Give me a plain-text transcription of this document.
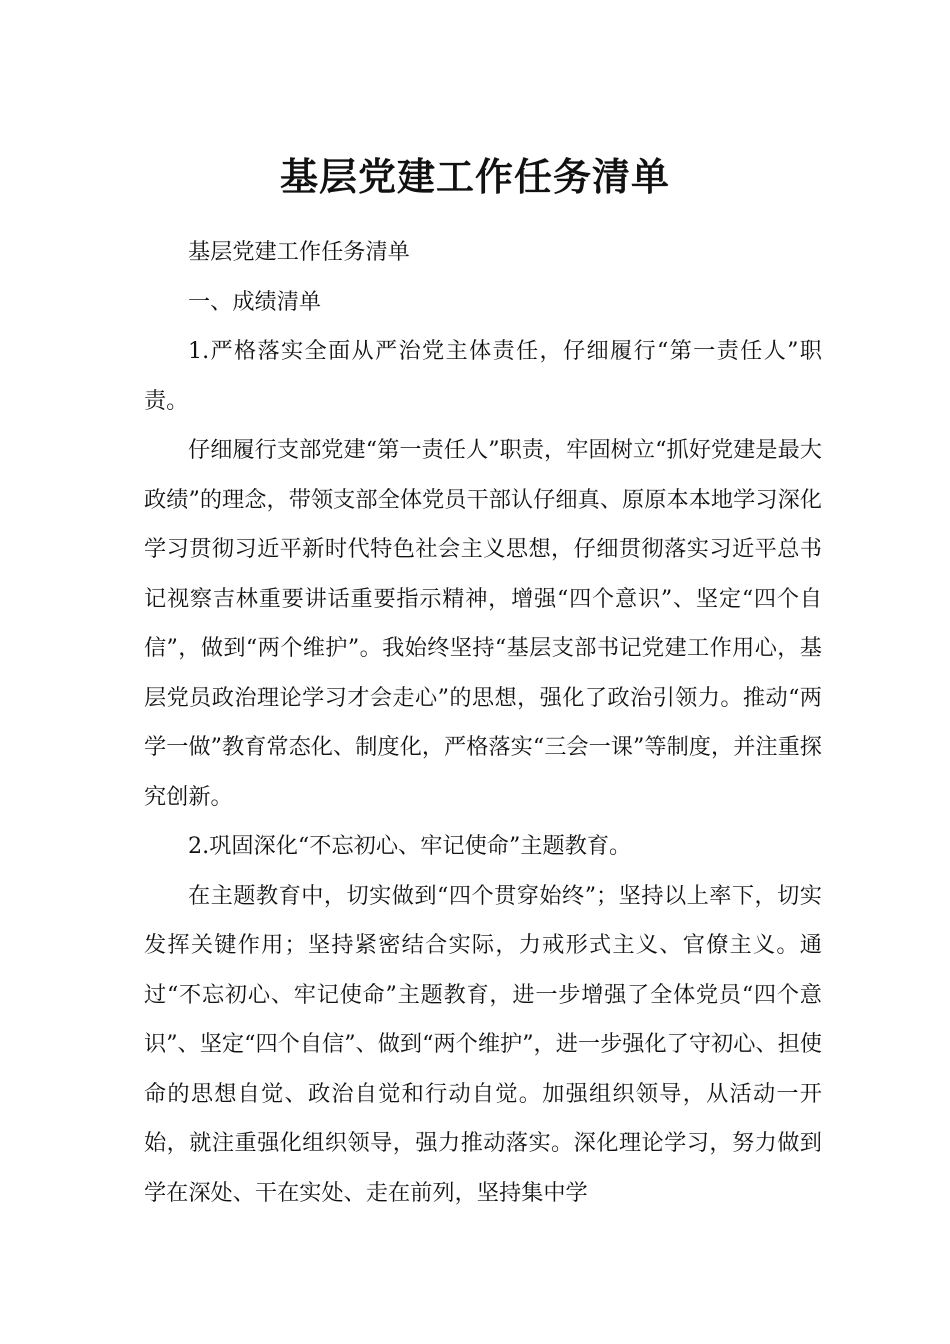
基层党建工作任务清单

基层党建工作任务清单

一、成绩清单

1.严格落实全面从严治党主体责任，仔细履行“第一责任人”职责。

仔细履行支部党建“第一责任人”职责，牢固树立“抓好党建是最大政绩”的理念，带领支部全体党员干部认仔细真、原原本本地学习深化学习贯彻习近平新时代特色社会主义思想，仔细贯彻落实习近平总书记视察吉林重要讲话重要指示精神，增强“四个意识”、坚定“四个自信”，做到“两个维护”。我始终坚持“基层支部书记党建工作用心，基层党员政治理论学习才会走心”的思想，强化了政治引领力。推动“两学一做”教育常态化、制度化，严格落实“三会一课”等制度，并注重探究创新。

2.巩固深化“不忘初心、牢记使命”主题教育。

在主题教育中，切实做到“四个贯穿始终”；坚持以上率下，切实发挥关键作用；坚持紧密结合实际，力戒形式主义、官僚主义。通过“不忘初心、牢记使命”主题教育，进一步增强了全体党员“四个意识”、坚定“四个自信”、做到“两个维护”，进一步强化了守初心、担使命的思想自觉、政治自觉和行动自觉。加强组织领导，从活动一开始，就注重强化组织领导，强力推动落实。深化理论学习，努力做到学在深处、干在实处、走在前列，坚持集中学
